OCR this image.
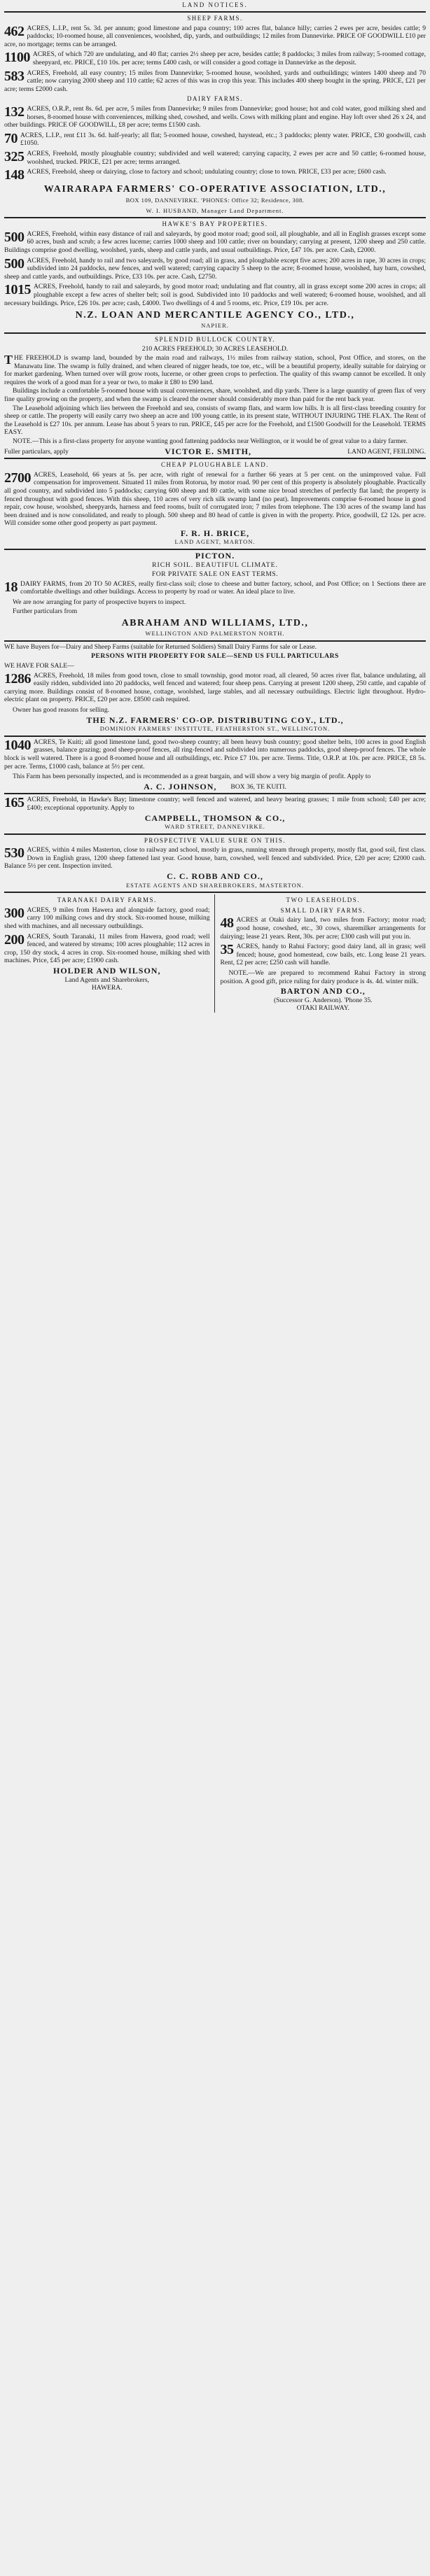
LAND NOTICES.
SHEEP FARMS.
462 ACRES, L.I.P., rent 5s. 3d. per annum; good limestone and papa country; 100 acres flat, balance hilly; carries 2 ewes per acre, besides cattle; 9 paddocks; 10-roomed house, all conveniences, woolshed, dip, yards, and outbuildings; 12 miles from Dannevirke. PRICE OF GOODWILL £10 per acre, no mortgage; terms can be arranged.
1100 ACRES, of which 720 are undulating, and 40 flat; carries 2½ sheep per acre, besides cattle; 8 paddocks; 3 miles from railway; 5-roomed cottage, sheepyard, etc. PRICE, £10 10s. per acre; terms £400 cash, or will consider a good cottage in Dannevirke as the deposit.
583 ACRES, Freehold, all easy country; 15 miles from Dannevirke; 5-roomed house, woolshed, yards and outbuildings; winters 1400 sheep and 70 cattle; now carrying 2000 sheep and 110 cattle; 62 acres of this was in crop this year. This includes 400 sheep bought in the spring. PRICE, £21 per acre; terms £2000 cash.
DAIRY FARMS.
132 ACRES, O.R.P., rent 8s. 6d. per acre, 5 miles from Dannevirke; 9 miles from Dannevirke; good house; hot and cold water, good milking shed and horses, 8-roomed house with conveniences, milking shed, cowshed, and wells. Cows with milking plant and engine. Hay loft over shed 26 x 24, and other buildings. PRICE OF GOODWILL, £8 per acre; terms £1500 cash.
70 ACRES, L.I.P., rent £11 3s. 6d. half-yearly; all flat; 5-roomed house, cowshed, haystead, etc.; 3 paddocks; plenty water. PRICE, £30 goodwill, cash £1050.
325 ACRES, Freehold, mostly ploughable country; subdivided and well watered; carrying capacity, 2 ewes per acre and 50 cattle; 6-roomed house, woolshed, trucked. PRICE, £21 per acre; terms arranged.
148 ACRES, Freehold, sheep or dairying, close to factory and school; undulating country; close to town. PRICE, £33 per acre; £600 cash.
WAIRARAPA FARMERS' CO-OPERATIVE ASSOCIATION, LTD.,
BOX 109, DANNEVIRKE. 'PHONES: Office 32; Residence, 308.
W. I. HUSBAND, Manager Land Department.
HAWKE'S BAY PROPERTIES.
500 ACRES, Freehold, within easy distance of rail and saleyards, by good motor road; good soil, all ploughable, and all in English grasses except some 60 acres, bush and scrub; a few acres lucerne; carries 1000 sheep and 100 cattle; river on boundary; carrying at present, 1200 sheep and 250 cattle. Buildings comprise good dwelling, woolshed, yards, sheep and cattle yards, and usual outbuildings. Price, £47 10s. per acre. Cash, £2000.
500 ACRES, Freehold, handy to rail and two saleyards, by good road; all in grass, and ploughable except five acres; 200 acres in rape, 30 acres in crops; subdivided into 24 paddocks, new fences, and well watered; carrying capacity 5 sheep to the acre; 8-roomed house, woolshed, hay barn, cowshed, sheep and cattle yards, and outbuildings. Price, £33 10s. per acre. Cash, £2750.
1015 ACRES, Freehold, handy to rail and saleyards, by good motor road; undulating and flat country, all in grass except some 200 acres in crops; all ploughable except a few acres of shelter belt; soil is good. Subdivided into 10 paddocks and well watered; 6-roomed house, woolshed, and all necessary buildings. Price, £26 10s. per acre; cash, £4000. Two dwellings of 4 and 5 rooms, etc. Price, £19 10s. per acre.
N.Z. LOAN AND MERCANTILE AGENCY CO., LTD.,
NAPIER.
SPLENDID BULLOCK COUNTRY.
210 ACRES FREEHOLD; 30 ACRES LEASEHOLD.
THE FREEHOLD is swamp land, bounded by the main road and railways, 1½ miles from railway station, school, Post Office, and stores, on the Manawatu line. The swamp is fully drained, and when cleared of nigger heads, toe toe, etc., will be a beautiful property, ideally suitable for dairying or for market gardening. When turned over will grow roots, lucerne, or other green crops to perfection. The quality of this swamp cannot be excelled. It only requires the work of a good man for a year or two, to make it £80 to £90 land.
Buildings include a comfortable 5-roomed house with usual conveniences, share, woolshed, and dip yards. There is a large quantity of green flax of very fine quality growing on the property, and when the swamp is cleared the owner should considerably more than paid for the rent back year.
The Leasehold adjoining which lies between the Freehold and sea, consists of swamp flats, and warm low hills. It is all first-class breeding country for sheep or cattle. The property will easily carry two sheep an acre and 100 young cattle, in its present state, WITHOUT INJURING THE FLAX. The Rent of the Leasehold is £27 10s. per annum. Lease has about 5 years to run. PRICE, £45 per acre for the Freehold, and £1500 Goodwill for the Leasehold. TERMS EASY.
NOTE.—This is a first-class property for anyone wanting good fattening paddocks near Wellington, or it would be of great value to a dairy farmer.
Fuller particulars, apply	VICTOR E. SMITH,	LAND AGENT, FEILDING.
CHEAP PLOUGHABLE LAND.
2700 ACRES, Leasehold, 66 years at 5s. per acre, with right of renewal for a further 66 years at 5 per cent. on the unimproved value. Full compensation for improvement. Situated 11 miles from Rotorua, by motor road. 90 per cent of this property is absolutely ploughable. Practically all good country, and subdivided into 5 paddocks; carrying 600 sheep and 80 cattle, with some nice broad stretches of perfectly flat land; the property is fenced throughout with good fences. With this sheep, 110 acres of very rich silk swamp land (no peat). Improvements comprise 6-roomed house in good repair, cow house, woolshed, sheepyards, harness and feed rooms, built of corrugated iron; 7 miles from telephone. The 130 acres of the swamp land has been drained and is now consolidated, and ready to plough. 500 sheep and 80 head of cattle is given in with the property. Price, goodwill, £2 12s. per acre. Will consider some other good property as part payment.
F. R. H. BRICE,
LAND AGENT, MARTON.
PICTON.
RICH SOIL. BEAUTIFUL CLIMATE.
FOR PRIVATE SALE ON EAST TERMS.
18 DAIRY FARMS, from 20 TO 50 ACRES, really first-class soil; close to cheese and butter factory, school, and Post Office; on 1 Sections there are comfortable dwellings and other buildings. Access to property by road or water. An ideal place to live.
We are now arranging for party of prospective buyers to inspect.
Further particulars from
ABRAHAM AND WILLIAMS, LTD.,
WELLINGTON AND PALMERSTON NORTH.
WE have Buyers for—Dairy and Sheep Farms (suitable for Returned Soldiers) Small Dairy Farms for sale or Lease.
PERSONS WITH PROPERTY FOR SALE—SEND US FULL PARTICULARS
WE HAVE FOR SALE—
1286 ACRES, Freehold, 18 miles from good town, close to small township, good motor road, all cleared, 50 acres river flat, balance undulating, all easily ridden, subdivided into 20 paddocks, well fenced and watered; four sheep pens. Carrying at present 1200 sheep, 250 cattle, and capable of carrying more. Buildings consist of 8-roomed house, cottage, woolshed, large stables, and all necessary outbuildings. Electric light throughout. Hydro-electric plant on property. PRICE, £20 per acre. £8500 cash required.
Owner has good reasons for selling.
THE N.Z. FARMERS' CO-OP. DISTRIBUTING COY., LTD.,
DOMINION FARMERS' INSTITUTE, FEATHERSTON ST., WELLINGTON.
1040 ACRES, Te Kuiti; all good limestone land, good two-sheep country; all been heavy bush country; good shelter belts, 100 acres in good English grasses, balance grazing; good sheep-proof fences, all ring-fenced and subdivided into numerous paddocks, good sheep-proof fences. The whole block is well watered. There is a good 8-roomed house and all outbuildings, etc. Price £7 10s. per acre. Terms. Title, O.R.P. at 10s. per acre. PRICE, £8 5s. per acre. Terms, £1000 cash, balance at 5½ per cent.
This Farm has been personally inspected, and is recommended as a great bargain, and will show a very big margin of profit. Apply to
A. C. JOHNSON, BOX 36, TE KUITI.
165 ACRES, Freehold, in Hawke's Bay; limestone country; well fenced and watered, and heavy bearing grasses; 1 mile from school; £40 per acre; £400; exceptional opportunity. Apply to
CAMPBELL, THOMSON & CO.,
WARD STREET, DANNEVIRKE.
PROSPECTIVE VALUE SURE ON THIS.
530 ACRES, within 4 miles Masterton, close to railway and school, mostly in grass, running stream through property, mostly flat, good soil, first class. Down in English grass, 1200 sheep fattened last year. Good house, barn, cowshed, well fenced and subdivided. Price, £20 per acre; £2000 cash. Balance 5½ per cent. Inspection invited.
C. C. ROBB AND CO.,
ESTATE AGENTS AND SHAREBROKERS, MASTERTON.
TARANAKI DAIRY FARMS.
300 ACRES, 9 miles from Hawera and alongside factory, good road; carry 100 milking cows and dry stock. Six-roomed house, milking shed with machines, and all necessary outbuildings.
200 ACRES, South Taranaki, 11 miles from Hawera, good road; well fenced, and watered by streams; 100 acres ploughable; 112 acres in crop, 150 dry stock, 4 acres in crop. Six-roomed house, milking shed with machines. Price, £45 per acre; £1900 cash.
HOLDER AND WILSON,
Land Agents and Sharebrokers,
HAWERA.
TWO LEASEHOLDS.
SMALL DAIRY FARMS.
48 ACRES at Otaki dairy land, two miles from Factory; motor road; good house, cowshed, etc., 30 cows, sharemilker arrangements for dairying; lease 21 years. Rent, 30s. per acre; £300 cash will put you in.
35 ACRES, handy to Rahui Factory; good dairy land, all in grass; well fenced; house, good homestead, cow bails, etc. Long lease 21 years. Rent, £2 per acre; £250 cash will handle.
NOTE.—We are prepared to recommend Rahui Factory in strong position. A good gift, price ruling for dairy produce is 4s. 4d. winter milk.
BARTON AND CO.,
(Successor G. Anderson). 'Phone 35.
OTAKI RAILWAY.
